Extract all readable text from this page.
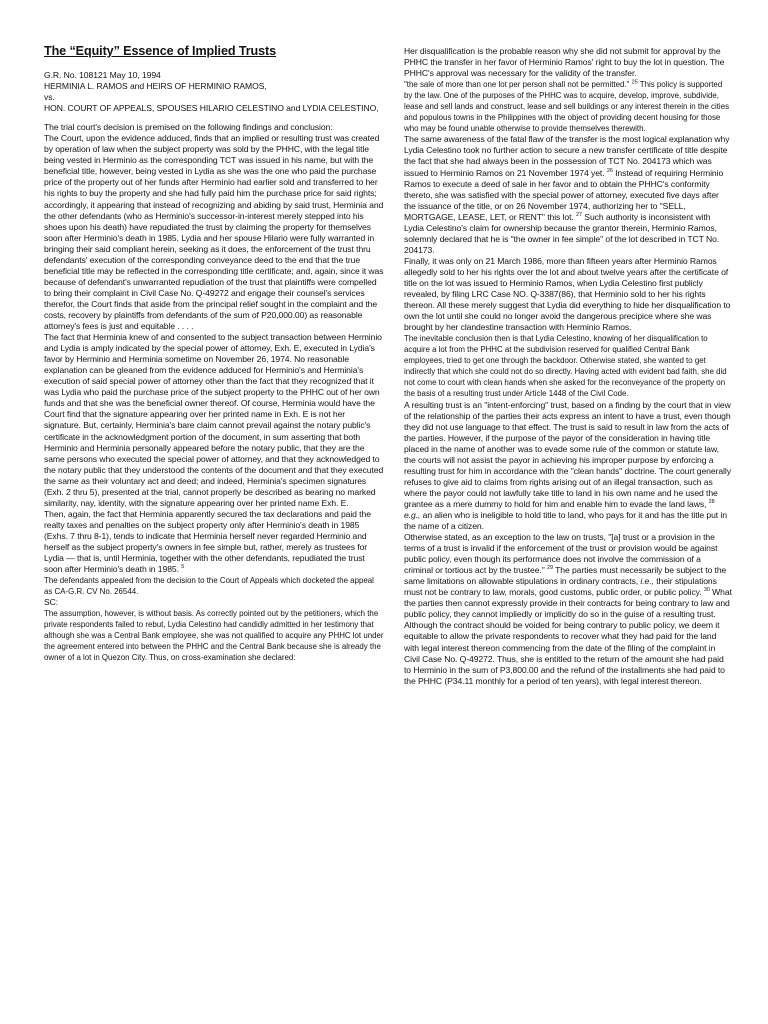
The “Equity” Essence of Implied Trusts

G.R. No. 108121 May 10, 1994

HERMINIA L. RAMOS and HEIRS OF HERMINIO RAMOS,

vs.

HON. COURT OF APPEALS, SPOUSES HILARIO CELESTINO and LYDIA CELESTINO,

The trial court's decision is premised on the following findings and conclusion:

The Court, upon the evidence adduced, finds that an implied or resulting trust was created by operation of law when the subject property was sold by the PHHC, with the legal title being vested in Herminio as the corresponding TCT was issued in his name, but with the beneficial title, however, being vested in Lydia as she was the one who paid the purchase price of the property out of her funds after Herminio had earlier sold and transferred to her his rights to buy the property and she had fully paid him the purchase price for said rights; accordingly, it appearing that instead of recognizing and abiding by said trust, Herminia and the other defendants (who as Herminio's successor-in-interest merely stepped into his shoes upon his death) have repudiated the trust by claiming the property for themselves soon after Herminio's death in 1985, Lydia and her spouse Hilario were fully warranted in bringing their said compliant herein, seeking as it does, the enforcement of the trust thru defendants' execution of the corresponding conveyance deed to the end that the true beneficial title may be reflected in the corresponding title certificate; and, again, since it was because of defendant's unwarranted repudiation of the trust that plaintiffs were compelled to bring their complaint in Civil Case No. Q-49272 and engage their counsel's services therefor, the Court finds that aside from the principal relief sought in the complaint and the costs, recovery by plaintiffs from defendants of the sum of P20,000.00) as reasonable attorney's fees is just and equitable . . . .

The fact that Herminia knew of and consented to the subject transaction between Herminio and Lydia is amply indicated by the special power of attorney, Exh. E, executed in Lydia's favor by Herminio and Herminia sometime on November 26, 1974. No reasonable explanation can be gleaned from the evidence adduced for Herminio's and Herminia's execution of said special power of attorney other than the fact that they recognized that it was Lydia who paid the purchase price of the subject property to the PHHC out of her own funds and that she was the beneficial owner thereof. Of course, Herminia would have the Court find that the signature appearing over her printed name in Exh. E is not her signature. But, certainly, Herminia's bare claim cannot prevail against the notary public's certificate in the acknowledgment portion of the document, in sum asserting that both Herminio and Herminia personally appeared before the notary public, that they are the same persons who executed the special power of attorney, and that they acknowledged to the notary public that they understood the contents of the document and that they executed the same as their voluntary act and deed; and indeed, Herminia's specimen signatures (Exh. 2 thru 5), presented at the trial, cannot properly be described as bearing no marked similarity, nay, identity, with the signature appearing over her printed name Exh. E.

Then, again, the fact that Herminia apparently secured the tax declarations and paid the realty taxes and penalties on the subject property only after Herminio's death in 1985 (Exhs. 7 thru 8-1), tends to indicate that Herminia herself never regarded Herminio and herself as the subject property's owners in fee simple but, rather, merely as trustees for Lydia — that is, until Herminia, together with the other defendants, repudiated the trust soon after Herminio's death in 1985. $^5$

The defendants appealed from the decision to the Court of Appeals which docketed the appeal as CA-G.R. CV No. 26544.

SC:

The assumption, however, is without basis. As correctly pointed out by the petitioners, which the private respondents failed to rebut, Lydia Celestino had candidly admitted in her testimony that although she was a Central Bank employee, she was not qualified to acquire any PHHC lot under the agreement entered into between the PHHC and the Central Bank because she is already the owner of a lot in Quezon City. Thus, on cross-examination she declared:

Her disqualification is the probable reason why she did not submit for approval by the PHHC the transfer in her favor of Herminio Ramos' right to buy the lot in question. The PHHC's approval was necessary for the validity of the transfer.

"the sale of more than one lot per person shall not be permitted." $^{25}$ This policy is supported by the law. One of the purposes of the PHHC was to acquire, develop, improve, subdivide, lease and sell lands and construct, lease and sell buildings or any interest therein in the cities and populous towns in the Philippines with the object of providing decent housing for those who may be found unable otherwise to provide themselves therewith.

The same awareness of the fatal flaw of the transfer is the most logical explanation why Lydia Celestino took no further action to secure a new transfer certificate of title despite the fact that she had always been in the possession of TCT No. 204173 which was issued to Herminio Ramos on 21 November 1974 yet. $^{26}$ Instead of requiring Herminio Ramos to execute a deed of sale in her favor and to obtain the PHHC's conformity thereto, she was satisfied with the special power of attorney, executed five days after the issuance of the title, or on 26 November 1974, authorizing her to "SELL, MORTGAGE, LEASE, LET, or RENT" this lot. $^{27}$ Such authority is inconsistent with Lydia Celestino's claim for ownership because the grantor therein, Herminio Ramos, solemnly declared that he is "the owner in fee simple" of the lot described in TCT No. 204173.

Finally, it was only on 21 March 1986, more than fifteen years after Herminio Ramos allegedly sold to her his rights over the lot and about twelve years after the certificate of title on the lot was issued to Herminio Ramos, when Lydia Celestino first publicly revealed, by filing LRC Case NO. Q-3387(86), that Herminio sold to her his rights thereon. All these merely suggest that Lydia did everything to hide her disqualification to own the lot until she could no longer avoid the dangerous precipice where she was brought by her clandestine transaction with Herminio Ramos.

The inevitable conclusion then is that Lydia Celestino, knowing of her disqualification to acquire a lot from the PHHC at the subdivision reserved for qualified Central Bank employees, tried to get one through the backdoor. Otherwise stated, she wanted to get indirectly that which she could not do so directly. Having acted with evident bad faith, she did not come to court with clean hands when she asked for the reconveyance of the property on the basis of a resulting trust under Article 1448 of the Civil Code.

A resulting trust is an "intent-enforcing" trust, based on a finding by the court that in view of the relationship of the parties their acts express an intent to have a trust, even though they did not use language to that effect. The trust is said to result in law from the acts of the parties. However, if the purpose of the payor of the consideration in having title placed in the name of another was to evade some rule of the common or statute law, the courts will not assist the payor in achieving his improper purpose by enforcing a resulting trust for him in accordance with the "clean hands" doctrine. The court generally refuses to give aid to claims from rights arising out of an illegal transaction, such as where the payor could not lawfully take title to land in his own name and he used the grantee as a mere dummy to hold for him and enable him to evade the land laws, $^{28}$ e.g., an alien who is ineligible to hold title to land, who pays for it and has the title put in the name of a citizen.

Otherwise stated, as an exception to the law on trusts, "[a] trust or a provision in the terms of a trust is invalid if the enforcement of the trust or provision would be against public policy, even though its performance does not involve the commission of a criminal or tortious act by the trustee." $^{29}$ The parties must necessarily be subject to the same limitations on allowable stipulations in ordinary contracts, i.e., their stipulations must not be contrary to law, morals, good customs, public order, or public policy. $^{30}$ What the parties then cannot expressly provide in their contracts for being contrary to law and public policy, they cannot impliedly or implicitly do so in the guise of a resulting trust.

Although the contract should be voided for being contrary to public policy, we deem it equitable to allow the private respondents to recover what they had paid for the land with legal interest thereon commencing from the date of the filing of the complaint in Civil Case No. Q-49272. Thus, she is entitled to the return of the amount she had paid to Herminio in the sum of P3,800.00 and the refund of the installments she had paid to the PHHC (P34.11 monthly for a period of ten years), with legal interest thereon.
